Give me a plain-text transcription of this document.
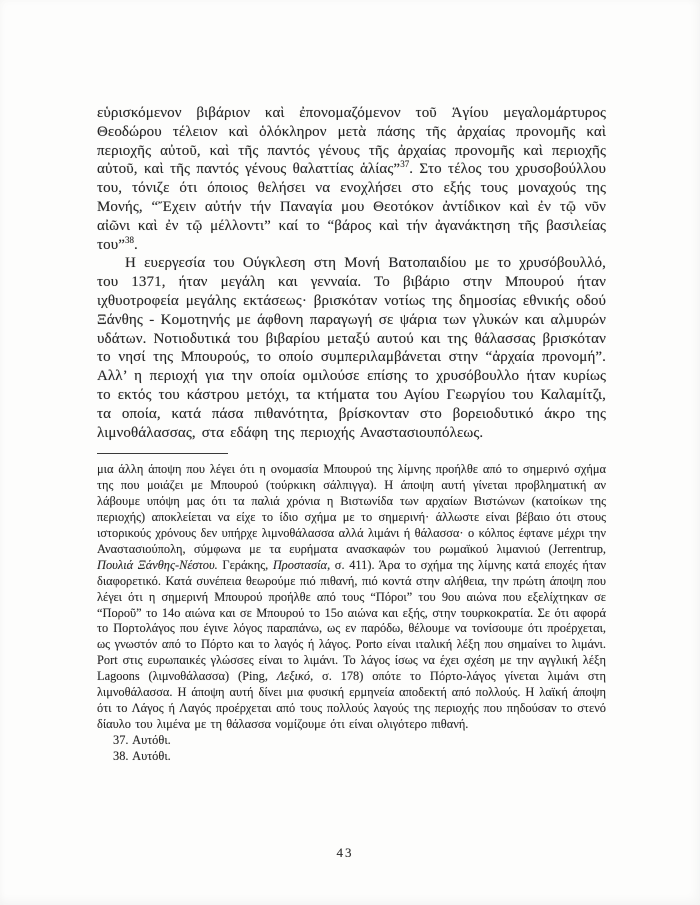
εὑρισκόμενον βιβάριον καὶ ἐπονομαζόμενον τοῦ Ἁγίου μεγαλομάρτυρος Θεοδώρου τέλειον καὶ ὁλόκληρον μετὰ πάσης τῆς ἀρχαίας προνομῆς καὶ περιοχῆς αὐτοῦ, καὶ τῆς παντός γένους τῆς ἀρχαίας προνομῆς καὶ περιοχῆς αὐτοῦ, καὶ τῆς παντός γένους θαλαττίας ἁλίας”$^{37}$. Στο τέλος του χρυσοβούλλου του, τόνιζε ότι όποιος θελήσει να ενοχλήσει στο εξής τους μοναχούς της Μονής, “Ἔχειν αὐτήν τήν Παναγία μου Θεοτόκον ἀντίδικον καὶ ἐν τῷ νῦν αἰῶνι καὶ ἐν τῷ μέλλοντι” καί το “βάρος καὶ τήν ἀγανάκτηση τῆς βασιλείας του”$^{38}$.

Η ευεργεσία του Ούγκλεση στη Μονή Βατοπαιδίου με το χρυσόβουλλό, του 1371, ήταν μεγάλη και γενναία. Το βιβάριο στην Μπουρού ήταν ιχθυοτροφεία μεγάλης εκτάσεως· βρισκόταν νοτίως της δημοσίας εθνικής οδού Ξάνθης - Κομοτηνής με άφθονη παραγωγή σε ψάρια των γλυκών και αλμυρών υδάτων. Νοτιοδυτικά του βιβαρίου μεταξύ αυτού και της θάλασσας βρισκόταν το νησί της Μπουρούς, το οποίο συμπεριλαμβάνεται στην “ἀρχαία προνομή”. Αλλ’ η περιοχή για την οποία ομιλούσε επίσης το χρυσόβουλλο ήταν κυρίως το εκτός του κάστρου μετόχι, τα κτήματα του Αγίου Γεωργίου του Καλαμίτζι, τα οποία, κατά πάσα πιθανότητα, βρίσκονταν στο βορειοδυτικό άκρο της λιμνοθάλασσας, στα εδάφη της περιοχής Αναστασιουπόλεως.

μια άλλη άποψη που λέγει ότι η ονομασία Μπουρού της λίμνης προήλθε από το σημερινό σχήμα της που μοιάζει με Μπουρού (τούρκικη σάλπιγγα). Η άποψη αυτή γίνεται προβληματική αν λάβουμε υπόψη μας ότι τα παλιά χρόνια η Βιστωνίδα των αρχαίων Βιστώνων (κατοίκων της περιοχής) αποκλείεται να είχε το ίδιο σχήμα με το σημερινή· άλλωστε είναι βέβαιο ότι στους ιστορικούς χρόνους δεν υπήρχε λιμνοθάλασσα αλλά λιμάνι ή θάλασσα· ο κόλπος έφτανε μέχρι την Αναστασιούπολη, σύμφωνα με τα ευρήματα ανασκαφών του ρωμαϊκού λιμανιού (Jerrentrup, Πουλιά Ξάνθης-Νέστου. Γεράκης, Προστασία, σ. 411). Άρα το σχήμα της λίμνης κατά εποχές ήταν διαφορετικό. Κατά συνέπεια θεωρούμε πιό πιθανή, πιό κοντά στην αλήθεια, την πρώτη άποψη που λέγει ότι η σημερινή Μπουρού προήλθε από τους “Πόροι” του 9ου αιώνα που εξελίχτηκαν σε “Ποροῦ” το 14ο αιώνα και σε Μπουρού το 15ο αιώνα και εξής, στην τουρκοκρατία. Σε ότι αφορά το Πορτολάγος που έγινε λόγος παραπάνω, ως εν παρόδω, θέλουμε να τονίσουμε ότι προέρχεται, ως γνωστόν από το Πόρτο και το λαγός ή λάγος. Porto είναι ιταλική λέξη που σημαίνει το λιμάνι. Port στις ευρωπαικές γλώσσες είναι το λιμάνι. Το λάγος ίσως να έχει σχέση με την αγγλική λέξη Lagoons (λιμνοθάλασσα) (Ping, Λεξικό, σ. 178) οπότε το Πόρτο-λάγος γίνεται λιμάνι στη λιμνοθάλασσα. Η άποψη αυτή δίνει μια φυσική ερμηνεία αποδεκτή από πολλούς. Η λαϊκή άποψη ότι το Λάγος ή Λαγός προέρχεται από τους πολλούς λαγούς της περιοχής που πηδούσαν το στενό δίαυλο του λιμένα με τη θάλασσα νομίζουμε ότι είναι ολιγότερο πιθανή.

37. Αυτόθι.

38. Αυτόθι.

43
